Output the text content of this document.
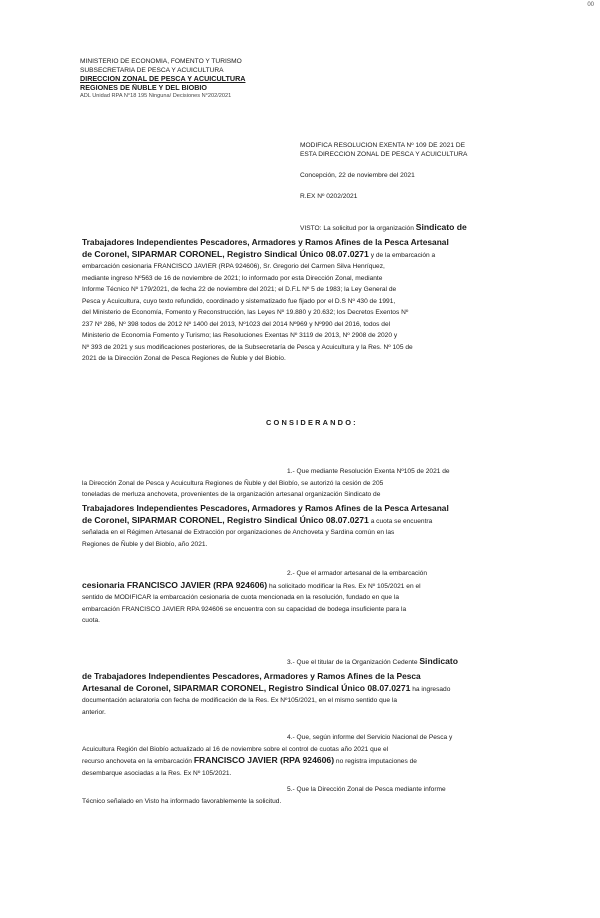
00
MINISTERIO DE ECONOMIA, FOMENTO Y TURISMO
SUBSECRETARIA DE PESCA Y ACUICULTURA
DIRECCION ZONAL DE PESCA Y ACUICULTURA
REGIONES DE ÑUBLE Y DEL BIOBIO
ADL Unidad RPA N°18 195 Ninguna/ Decisiones N°202/2021
MODIFICA RESOLUCION EXENTA Nº 109 DE 2021 DE
ESTA DIRECCION ZONAL DE PESCA Y ACUICULTURA
Concepción, 22 de noviembre del 2021
R.EX Nº 0202/2021
VISTO: La solicitud por la organización Sindicato de
Trabajadores Independientes Pescadores, Armadores y Ramos Afines de la Pesca Artesanal
de Coronel, SIPARMAR CORONEL, Registro Sindical Único 08.07.0271 y de la embarcación a
embarcación cesionaria FRANCISCO JAVIER (RPA 924606), Sr. Gregorio del Carmen Silva Henríquez,
mediante ingreso Nº563 de 16 de noviembre de 2021; lo informado por esta Dirección Zonal, mediante
Informe Técnico Nº 179/2021, de fecha 22 de noviembre del 2021; el D.F.L Nº 5 de 1983; la Ley General de
Pesca y Acuicultura, cuyo texto refundido, coordinado y sistematizado fue fijado por el D.S Nº 430 de 1991,
del Ministerio de Economía, Fomento y Reconstrucción, las Leyes Nº 19.880 y 20.632; los Decretos Exentos Nº
237 Nº 286, Nº 398 todos de 2012 Nº 1400 del 2013, Nº1023 del 2014 Nº969 y Nº990 del 2016, todos del
Ministerio de Economía Fomento y Turismo; las Resoluciones Exentas Nº 3119 de 2013, Nº 2908 de 2020 y
Nº 393 de 2021 y sus modificaciones posteriores, de la Subsecretaría de Pesca y Acuicultura y la Res. Nº 105 de
2021 de la Dirección Zonal de Pesca Regiones de Ñuble y del Biobío.
CONSIDERANDO:
1.- Que mediante Resolución Exenta Nº105 de 2021 de
la Dirección Zonal de Pesca y Acuicultura Regiones de Ñuble y del Biobío, se autorizó la cesión de 205
toneladas de merluza anchoveta, provenientes de la organización artesanal organización Sindicato de
Trabajadores Independientes Pescadores, Armadores y Ramos Afines de la Pesca Artesanal
de Coronel, SIPARMAR CORONEL, Registro Sindical Único 08.07.0271 a cuota se encuentra
señalada en el Régimen Artesanal de Extracción por organizaciones de Anchoveta y Sardina común en las
Regiones de Ñuble y del Biobío, año 2021.
2.- Que el armador artesanal de la embarcación
cesionaria FRANCISCO JAVIER (RPA 924606) ha solicitado modificar la Res. Ex Nº 105/2021 en el
sentido de MODIFICAR la embarcación cesionaria de cuota mencionada en la resolución, fundado en que la
embarcación FRANCISCO JAVIER RPA 924606 se encuentra con su capacidad de bodega insuficiente para la
cuota.
3.- Que el titular de la Organización Cedente Sindicato
de Trabajadores Independientes Pescadores, Armadores y Ramos Afines de la Pesca
Artesanal de Coronel, SIPARMAR CORONEL, Registro Sindical Único 08.07.0271 ha ingresado
documentación aclaratoria con fecha de modificación de la Res. Ex Nº105/2021, en el mismo sentido que la
anterior.
4.- Que, según informe del Servicio Nacional de Pesca y
Acuicultura Región del Biobío actualizado al 16 de noviembre sobre el control de cuotas año 2021 que el
recurso anchoveta en la embarcación FRANCISCO JAVIER (RPA 924606) no registra imputaciones de
desembarque asociadas a la Res. Ex Nº 105/2021.
5.- Que la Dirección Zonal de Pesca mediante informe
Técnico señalado en Visto ha informado favorablemente la solicitud.
